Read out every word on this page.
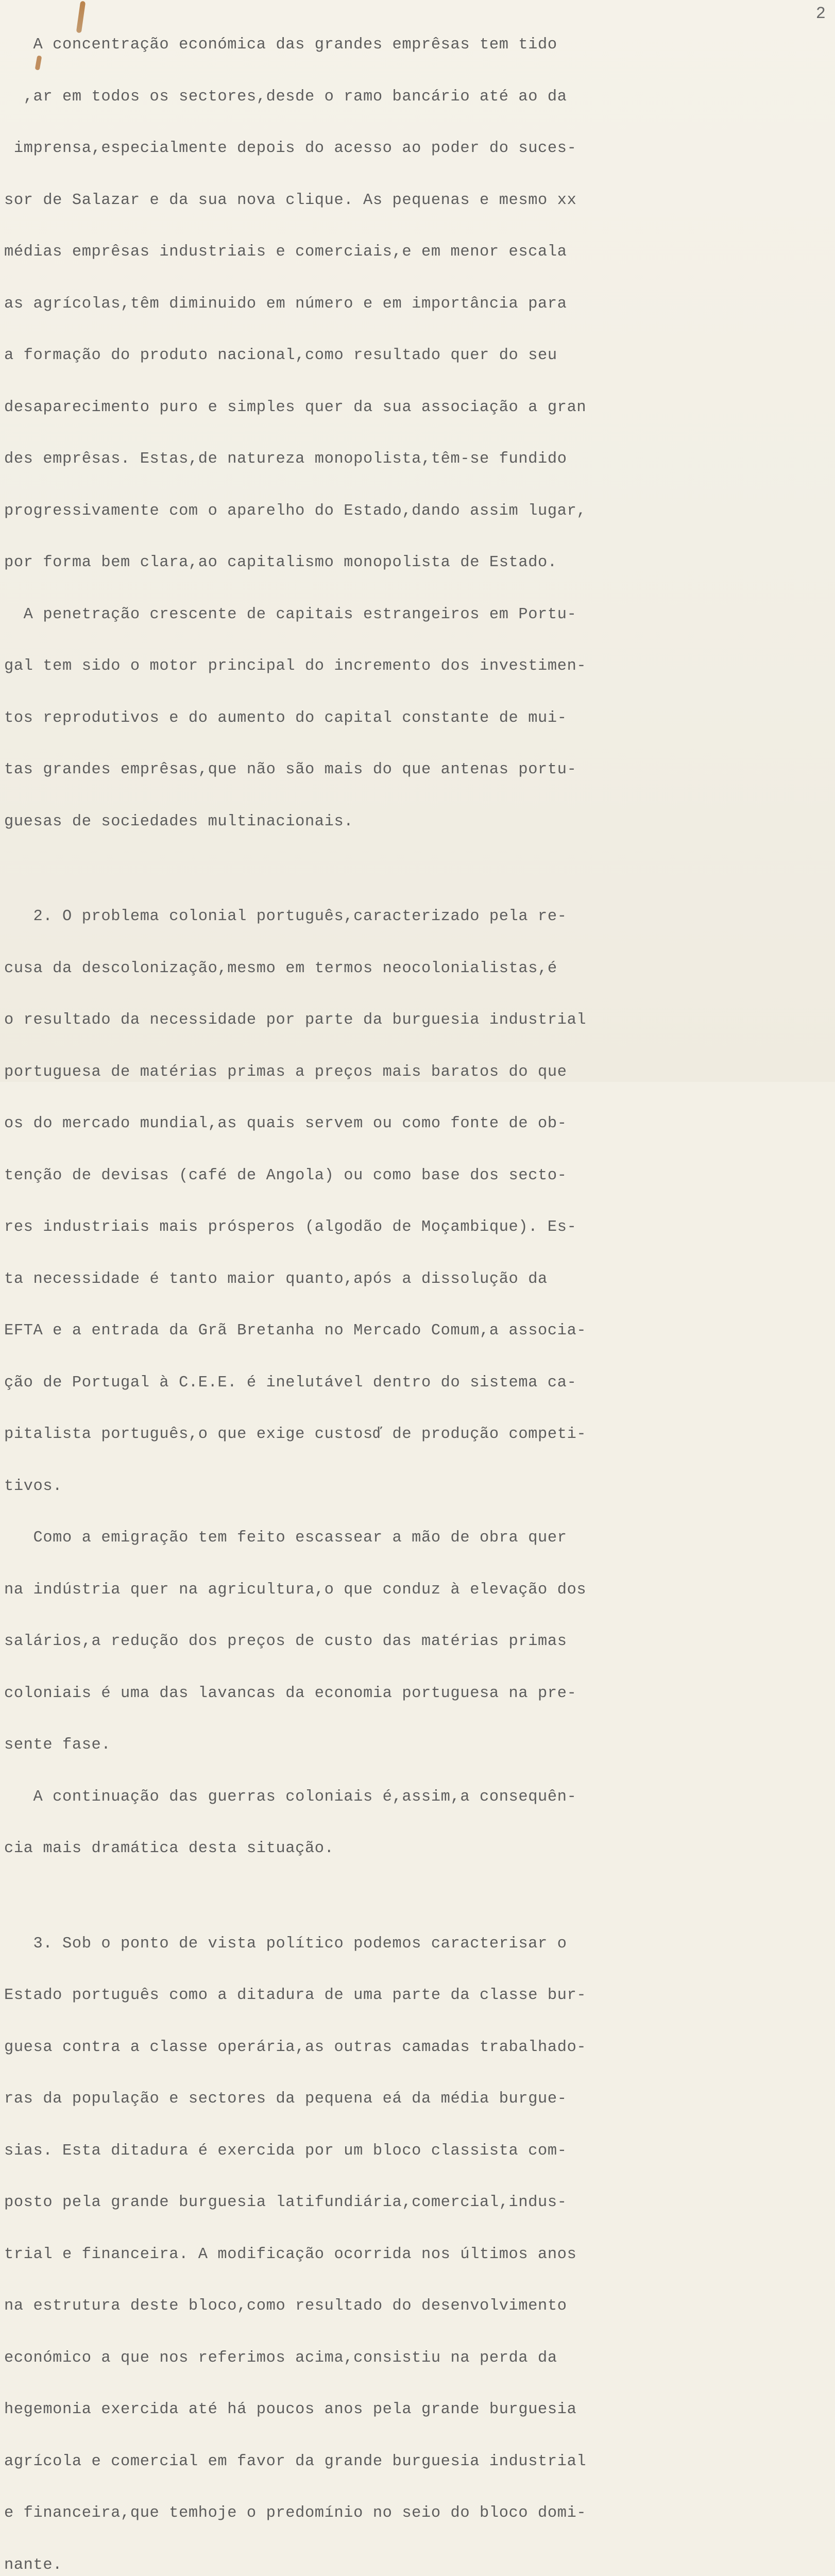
2

A concentração económica das grandes emprêsas tem tido

,ar em todos os sectores,desde o ramo bancário até ao da

imprensa,especialmente depois do acesso ao poder do suces-

sor de Salazar e da sua nova clique. As pequenas e mesmo xx

médias emprêsas industriais e comerciais,e em menor escala

as agrícolas,têm diminuido em número e em importância para

a formação do produto nacional,como resultado quer do seu

desaparecimento puro e simples quer da sua associação a gran

des emprêsas. Estas,de natureza monopolista,têm-se fundido

progressivamente com o aparelho do Estado,dando assim lugar,

por forma bem clara,ao capitalismo monopolista de Estado.

A penetração crescente de capitais estrangeiros em Portu-

gal tem sido o motor principal do incremento dos investimen-

tos reprodutivos e do aumento do capital constante de mui-

tas grandes emprêsas,que não são mais do que antenas portu-

guesas de sociedades multinacionais.

2. O problema colonial português,caracterizado pela re-

cusa da descolonização,mesmo em termos neocolonialistas,é

o resultado da necessidade por parte da burguesia industrial

portuguesa de matérias primas a preços mais baratos do que

os do mercado mundial,as quais servem ou como fonte de ob-

tenção de devisas (café de Angola) ou como base dos secto-

res industriais mais prósperos (algodão de Moçambique). Es-

ta necessidade é tanto maior quanto,após a dissolução da

EFTA e a entrada da Grã Bretanha no Mercado Comum,a associa-

ção de Portugal à C.E.E. é inelutável dentro do sistema ca-

pitalista português,o que exige custosď de produção competi-

tivos.

Como a emigração tem feito escassear a mão de obra quer

na indústria quer na agricultura,o que conduz à elevação dos

salários,a redução dos preços de custo das matérias primas

coloniais é uma das lavancas da economia portuguesa na pre-

sente fase.

A continuação das guerras coloniais é,assim,a consequên-

cia mais dramática desta situação.

3. Sob o ponto de vista político podemos caracterisar o

Estado português como a ditadura de uma parte da classe bur-

guesa contra a classe operária,as outras camadas trabalhado-

ras da população e sectores da pequena eá da média burgue-

sias. Esta ditadura é exercida por um bloco classista com-

posto pela grande burguesia latifundiária,comercial,indus-

trial e financeira. A modificação ocorrida nos últimos anos

na estrutura deste bloco,como resultado do desenvolvimento

económico a que nos referimos acima,consistiu na perda da

hegemonia exercida até há poucos anos pela grande burguesia

agrícola e comercial em favor da grande burguesia industrial

e financeira,que temhoje o predomínio no seio do bloco domi-

nante.
